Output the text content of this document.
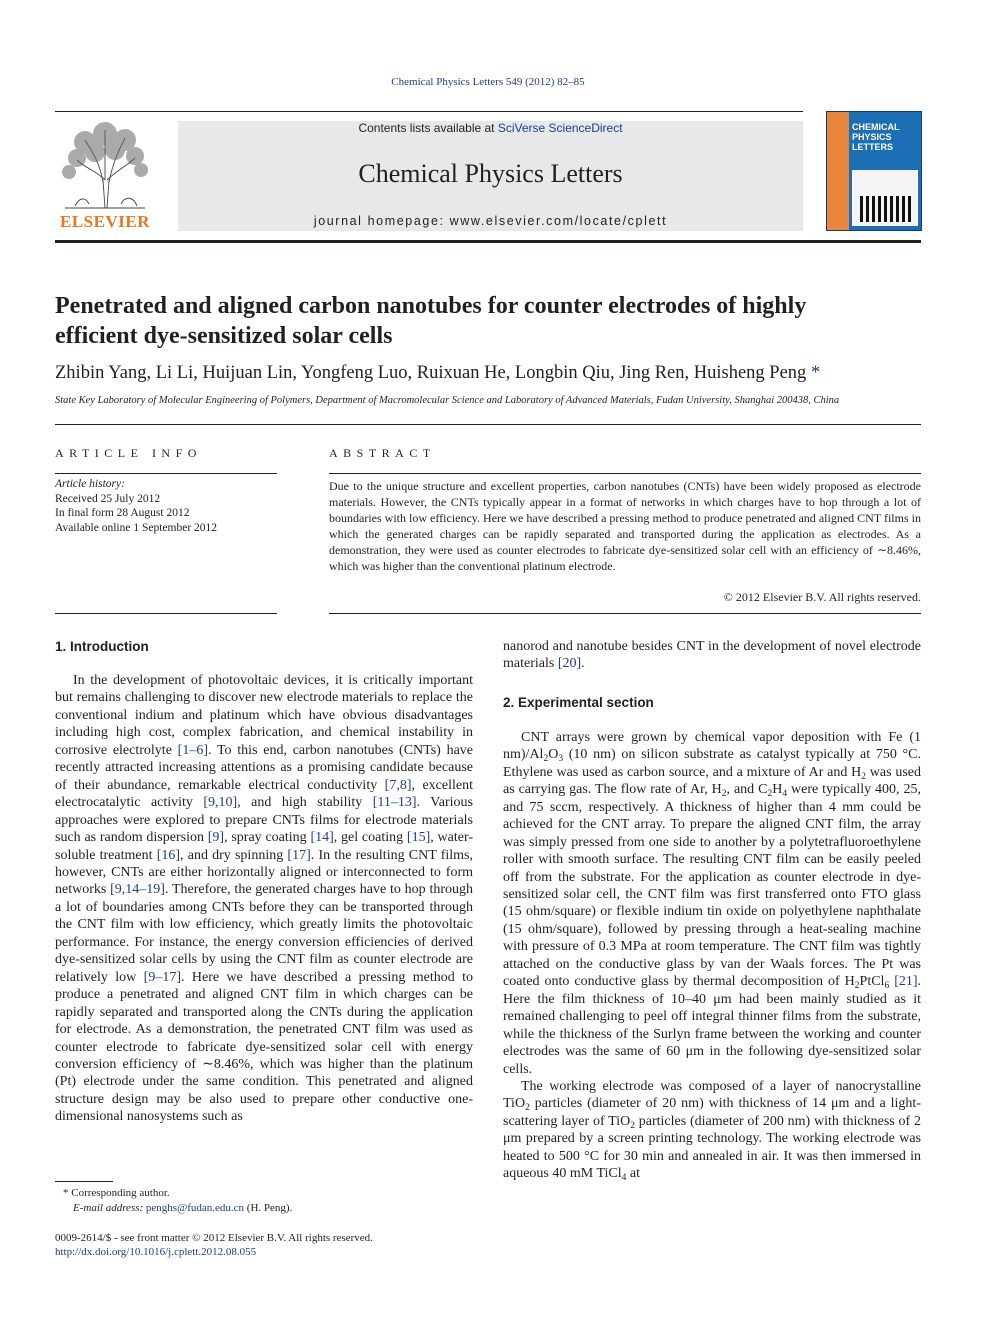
Chemical Physics Letters 549 (2012) 82–85
ELSEVIER
Contents lists available at SciVerse ScienceDirect
Chemical Physics Letters
journal homepage: www.elsevier.com/locate/cplett
CHEMICAL
PHYSICS
LETTERS
Penetrated and aligned carbon nanotubes for counter electrodes of highly efficient dye-sensitized solar cells
Zhibin Yang, Li Li, Huijuan Lin, Yongfeng Luo, Ruixuan He, Longbin Qiu, Jing Ren, Huisheng Peng *
State Key Laboratory of Molecular Engineering of Polymers, Department of Macromolecular Science and Laboratory of Advanced Materials, Fudan University, Shanghai 200438, China
ARTICLE INFO
Article history:
Received 25 July 2012
In final form 28 August 2012
Available online 1 September 2012
ABSTRACT
Due to the unique structure and excellent properties, carbon nanotubes (CNTs) have been widely proposed as electrode materials. However, the CNTs typically appear in a format of networks in which charges have to hop through a lot of boundaries with low efficiency. Here we have described a pressing method to produce penetrated and aligned CNT films in which the generated charges can be rapidly separated and transported during the application as electrodes. As a demonstration, they were used as counter electrodes to fabricate dye-sensitized solar cell with an efficiency of ∼8.46%, which was higher than the conventional platinum electrode.
© 2012 Elsevier B.V. All rights reserved.
1. Introduction

In the development of photovoltaic devices, it is critically important but remains challenging to discover new electrode materials to replace the conventional indium and platinum which have obvious disadvantages including high cost, complex fabrication, and chemical instability in corrosive electrolyte [1–6]. To this end, carbon nanotubes (CNTs) have recently attracted increasing attentions as a promising candidate because of their abundance, remarkable electrical conductivity [7,8], excellent electrocatalytic activity [9,10], and high stability [11–13]. Various approaches were explored to prepare CNTs films for electrode materials such as random dispersion [9], spray coating [14], gel coating [15], water-soluble treatment [16], and dry spinning [17]. In the resulting CNT films, however, CNTs are either horizontally aligned or interconnected to form networks [9,14–19]. Therefore, the generated charges have to hop through a lot of boundaries among CNTs before they can be transported through the CNT film with low efficiency, which greatly limits the photovoltaic performance. For instance, the energy conversion efficiencies of derived dye-sensitized solar cells by using the CNT film as counter electrode are relatively low [9–17]. Here we have described a pressing method to produce a penetrated and aligned CNT film in which charges can be rapidly separated and transported along the CNTs during the application for electrode. As a demonstration, the penetrated CNT film was used as counter electrode to fabricate dye-sensitized solar cell with energy conversion efficiency of ∼8.46%, which was higher than the platinum (Pt) electrode under the same condition. This penetrated and aligned structure design may be also used to prepare other conductive one-dimensional nanosystems such as

nanorod and nanotube besides CNT in the development of novel electrode materials [20].

2. Experimental section

CNT arrays were grown by chemical vapor deposition with Fe (1 $nm)/Al_2O_3$ (10 nm) on silicon substrate as catalyst typically at 750 °C. Ethylene was used as carbon source, and a mixture of Ar and $H_2$ was used as carrying gas. The flow rate of Ar, $H_2$, and $C_2H_4$ were typically 400, 25, and 75 sccm, respectively. A thickness of higher than 4 mm could be achieved for the CNT array. To prepare the aligned CNT film, the array was simply pressed from one side to another by a polytetrafluoroethylene roller with smooth surface. The resulting CNT film can be easily peeled off from the substrate. For the application as counter electrode in dye-sensitized solar cell, the CNT film was first transferred onto FTO glass (15 ohm/square) or flexible indium tin oxide on polyethylene naphthalate (15 ohm/square), followed by pressing through a heat-sealing machine with pressure of 0.3 MPa at room temperature. The CNT film was tightly attached on the conductive glass by van der Waals forces. The Pt was coated onto conductive glass by thermal decomposition of $H_2PtCl_6$ [21]. Here the film thickness of 10–40 μm had been mainly studied as it remained challenging to peel off integral thinner films from the substrate, while the thickness of the Surlyn frame between the working and counter electrodes was the same of 60 μm in the following dye-sensitized solar cells.

The working electrode was composed of a layer of nanocrystalline TiO$_2$ particles (diameter of 20 nm) with thickness of 14 μm and a light-scattering layer of TiO$_2$ particles (diameter of 200 nm) with thickness of 2 μm prepared by a screen printing technology. The working electrode was heated to 500 °C for 30 min and annealed in air. It was then immersed in aqueous 40 mM TiCl$_4$ at

* Corresponding author.
E-mail address: penghs@fudan.edu.cn (H. Peng).
0009-2614/$ - see front matter © 2012 Elsevier B.V. All rights reserved.
http://dx.doi.org/10.1016/j.cplett.2012.08.055
